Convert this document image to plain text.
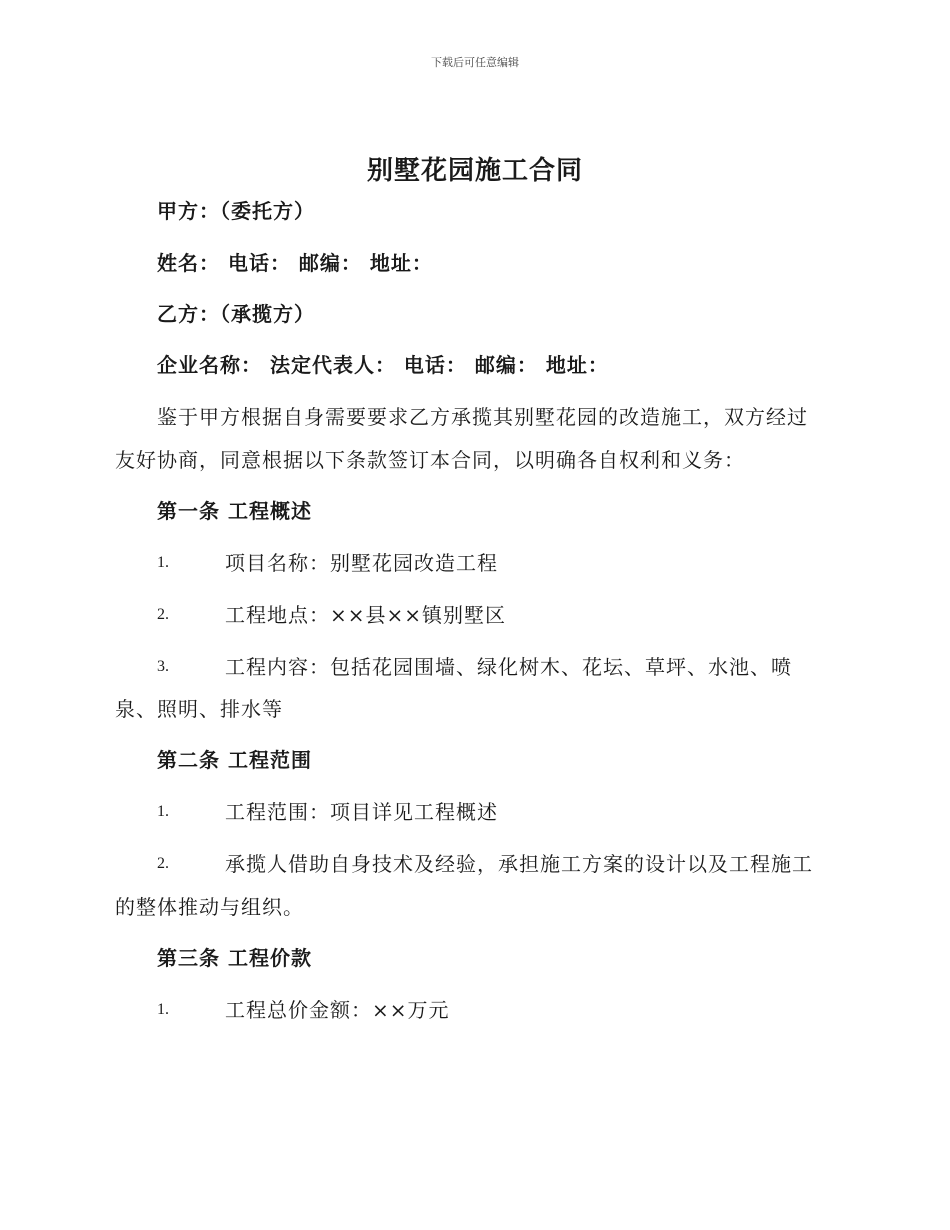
下载后可任意编辑
别墅花园施工合同
甲方：（委托方）
姓名： 电话： 邮编： 地址：
乙方：（承揽方）
企业名称： 法定代表人： 电话： 邮编： 地址：
鉴于甲方根据自身需要要求乙方承揽其别墅花园的改造施工，双方经过
友好协商，同意根据以下条款签订本合同，以明确各自权利和义务：
第一条 工程概述
1.	项目名称：别墅花园改造工程
2.	工程地点：××县××镇别墅区
3.	工程内容：包括花园围墙、绿化树木、花坛、草坪、水池、喷
泉、照明、排水等
第二条 工程范围
1.	工程范围：项目详见工程概述
2.	承揽人借助自身技术及经验，承担施工方案的设计以及工程施工
的整体推动与组织。
第三条 工程价款
1.	工程总价金额：××万元
